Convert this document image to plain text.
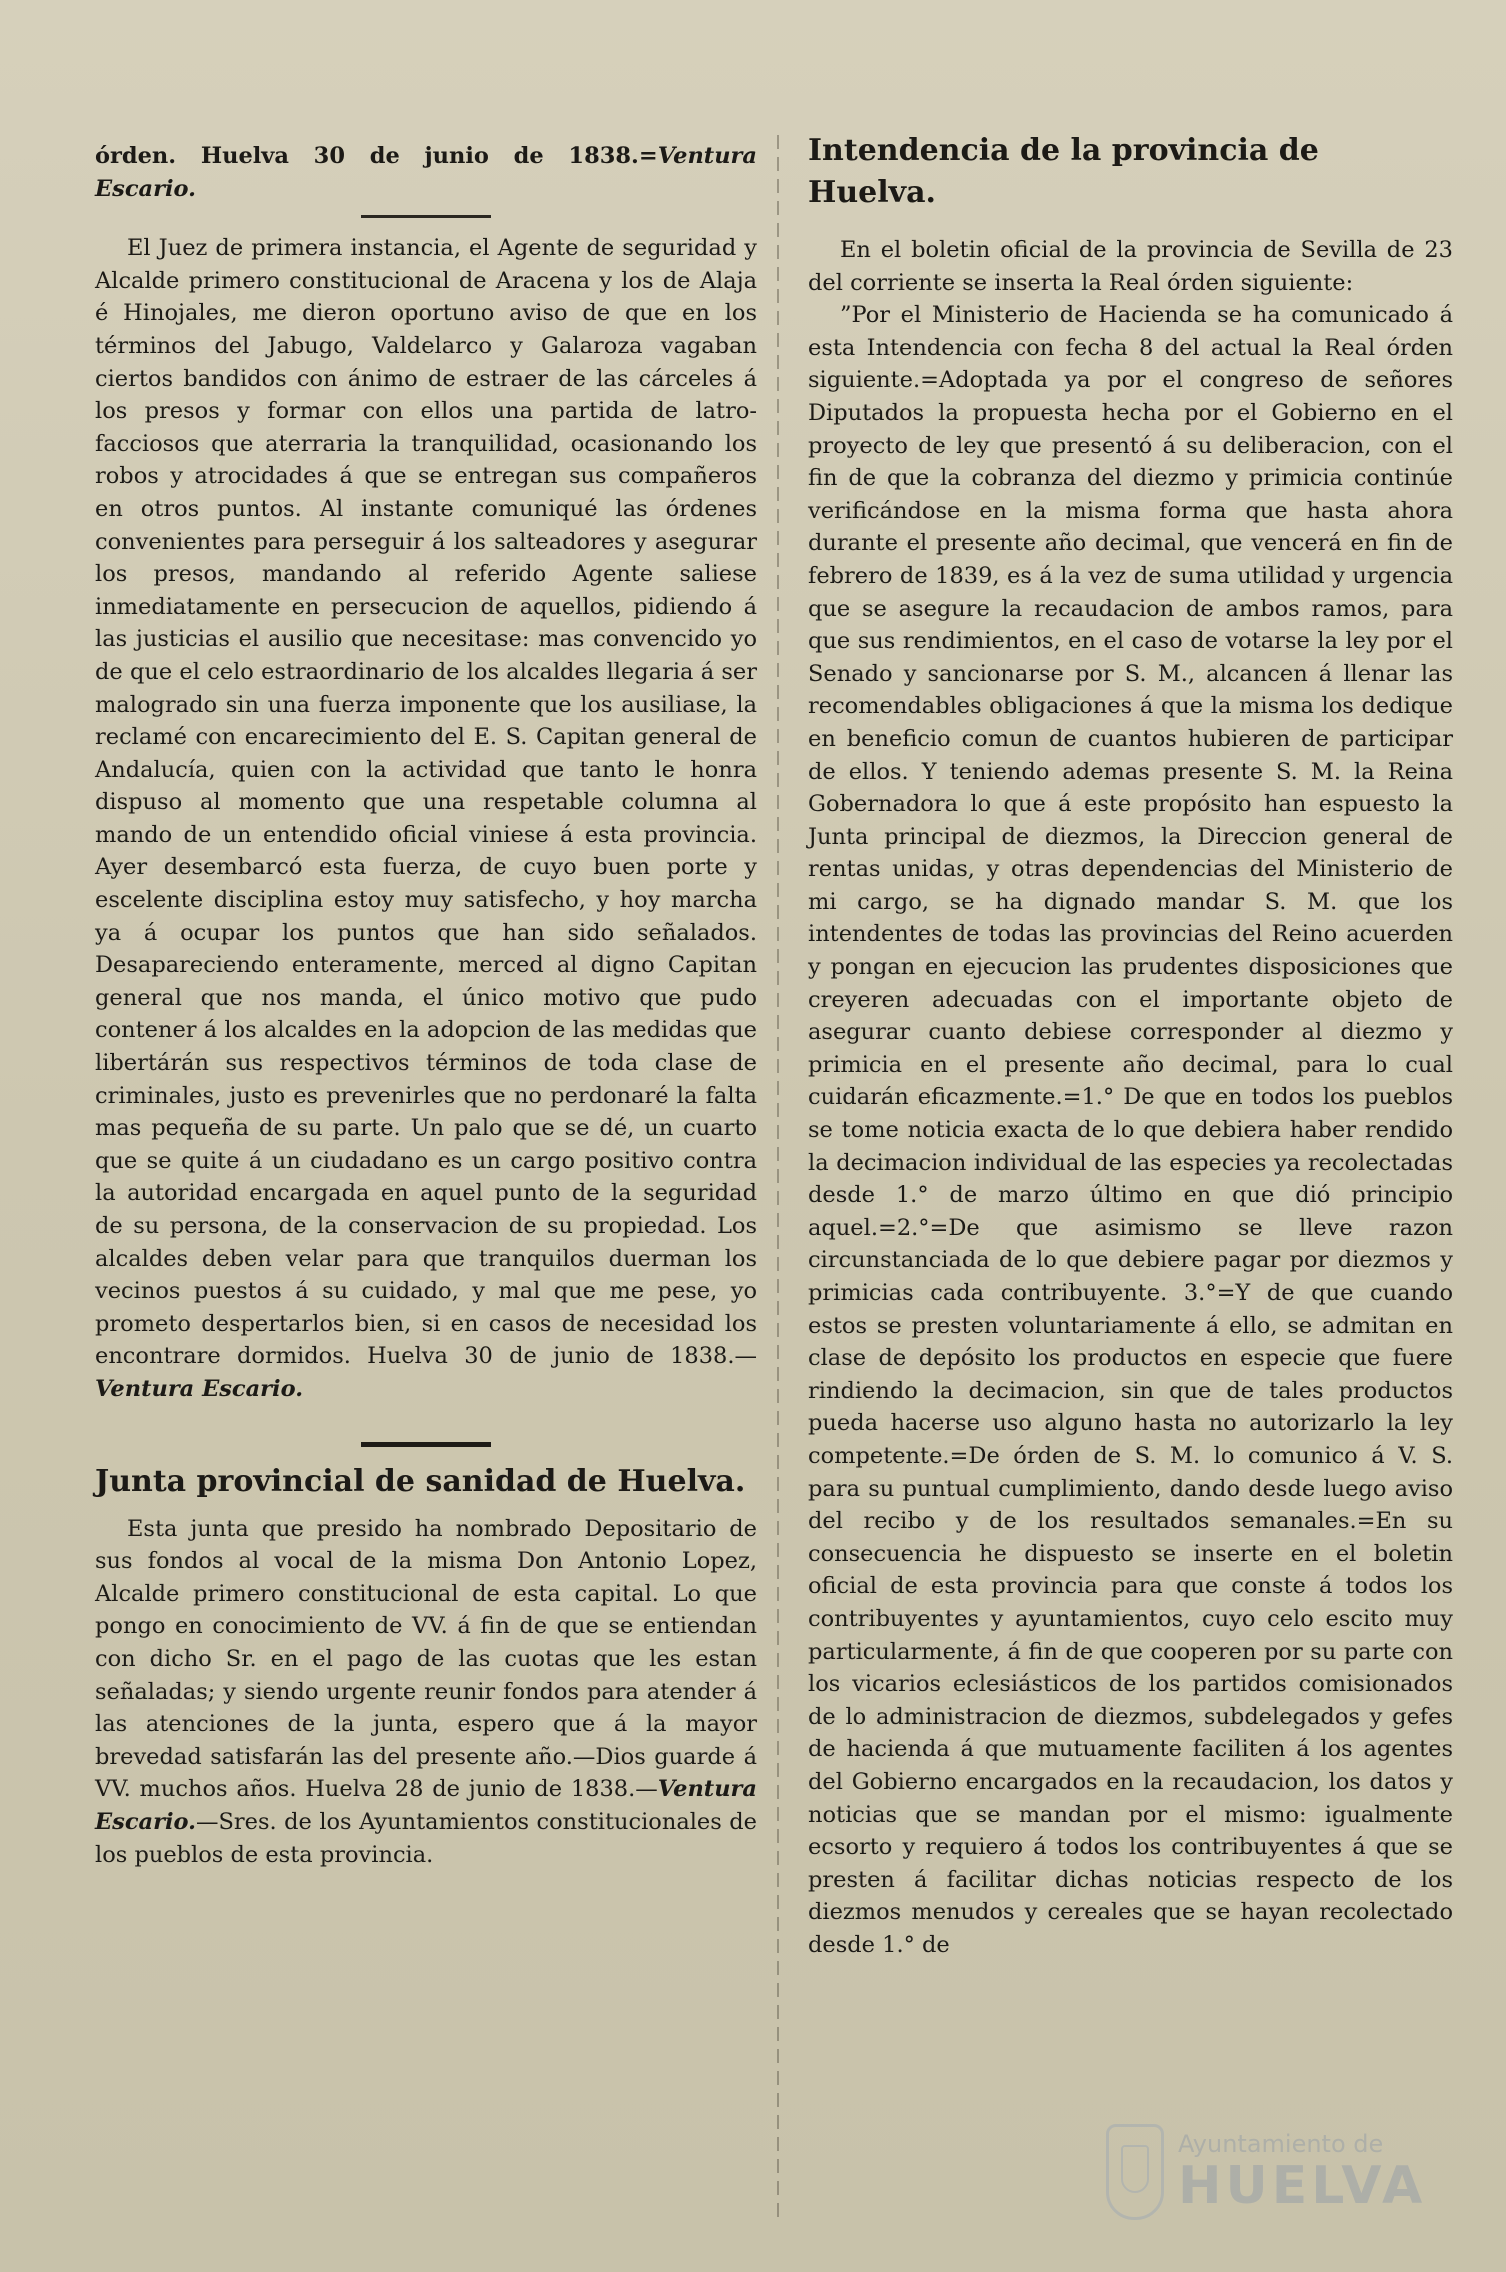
órden. Huelva 30 de junio de 1838.=Ventura Escario.

El Juez de primera instancia, el Agente de seguridad y Alcalde primero constitucional de Aracena y los de Alaja é Hinojales, me dieron oportuno aviso de que en los términos del Jabugo, Valdelarco y Galaroza vagaban ciertos bandidos con ánimo de estraer de las cárceles á los presos y formar con ellos una partida de latro-facciosos que aterraria la tranquilidad, ocasionando los robos y atrocidades á que se entregan sus compañeros en otros puntos. Al instante comuniqué las órdenes convenientes para perseguir á los salteadores y asegurar los presos, mandando al referido Agente saliese inmediatamente en persecucion de aquellos, pidiendo á las justicias el ausilio que necesitase: mas convencido yo de que el celo estraordinario de los alcaldes llegaria á ser malogrado sin una fuerza imponente que los ausiliase, la reclamé con encarecimiento del E. S. Capitan general de Andalucía, quien con la actividad que tanto le honra dispuso al momento que una respetable columna al mando de un entendido oficial viniese á esta provincia. Ayer desembarcó esta fuerza, de cuyo buen porte y escelente disciplina estoy muy satisfecho, y hoy marcha ya á ocupar los puntos que han sido señalados. Desapareciendo enteramente, merced al digno Capitan general que nos manda, el único motivo que pudo contener á los alcaldes en la adopcion de las medidas que libertárán sus respectivos términos de toda clase de criminales, justo es prevenirles que no perdonaré la falta mas pequeña de su parte. Un palo que se dé, un cuarto que se quite á un ciudadano es un cargo positivo contra la autoridad encargada en aquel punto de la seguridad de su persona, de la conservacion de su propiedad. Los alcaldes deben velar para que tranquilos duerman los vecinos puestos á su cuidado, y mal que me pese, yo prometo despertarlos bien, si en casos de necesidad los encontrare dormidos. Huelva 30 de junio de 1838.—Ventura Escario.

Junta provincial de sanidad de Huelva.

Esta junta que presido ha nombrado Depositario de sus fondos al vocal de la misma Don Antonio Lopez, Alcalde primero constitucional de esta capital. Lo que pongo en conocimiento de VV. á fin de que se entiendan con dicho Sr. en el pago de las cuotas que les estan señaladas; y siendo urgente reunir fondos para atender á las atenciones de la junta, espero que á la mayor brevedad satisfarán las del presente año.—Dios guarde á VV. muchos años. Huelva 28 de junio de 1838.—Ventura Escario.—Sres. de los Ayuntamientos constitucionales de los pueblos de esta provincia.

Intendencia de la provincia de Huelva.

En el boletin oficial de la provincia de Sevilla de 23 del corriente se inserta la Real órden siguiente:

”Por el Ministerio de Hacienda se ha comunicado á esta Intendencia con fecha 8 del actual la Real órden siguiente.=Adoptada ya por el congreso de señores Diputados la propuesta hecha por el Gobierno en el proyecto de ley que presentó á su deliberacion, con el fin de que la cobranza del diezmo y primicia continúe verificándose en la misma forma que hasta ahora durante el presente año decimal, que vencerá en fin de febrero de 1839, es á la vez de suma utilidad y urgencia que se asegure la recaudacion de ambos ramos, para que sus rendimientos, en el caso de votarse la ley por el Senado y sancionarse por S. M., alcancen á llenar las recomendables obligaciones á que la misma los dedique en beneficio comun de cuantos hubieren de participar de ellos. Y teniendo ademas presente S. M. la Reina Gobernadora lo que á este propósito han espuesto la Junta principal de diezmos, la Direccion general de rentas unidas, y otras dependencias del Ministerio de mi cargo, se ha dignado mandar S. M. que los intendentes de todas las provincias del Reino acuerden y pongan en ejecucion las prudentes disposiciones que creyeren adecuadas con el importante objeto de asegurar cuanto debiese corresponder al diezmo y primicia en el presente año decimal, para lo cual cuidarán eficazmente.=1.° De que en todos los pueblos se tome noticia exacta de lo que debiera haber rendido la decimacion individual de las especies ya recolectadas desde 1.° de marzo último en que dió principio aquel.=2.°=De que asimismo se lleve razon circunstanciada de lo que debiere pagar por diezmos y primicias cada contribuyente. 3.°=Y de que cuando estos se presten voluntariamente á ello, se admitan en clase de depósito los productos en especie que fuere rindiendo la decimacion, sin que de tales productos pueda hacerse uso alguno hasta no autorizarlo la ley competente.=De órden de S. M. lo comunico á V. S. para su puntual cumplimiento, dando desde luego aviso del recibo y de los resultados semanales.=En su consecuencia he dispuesto se inserte en el boletin oficial de esta provincia para que conste á todos los contribuyentes y ayuntamientos, cuyo celo escito muy particularmente, á fin de que cooperen por su parte con los vicarios eclesiásticos de los partidos comisionados de lo administracion de diezmos, subdelegados y gefes de hacienda á que mutuamente faciliten á los agentes del Gobierno encargados en la recaudacion, los datos y noticias que se mandan por el mismo: igualmente ecsorto y requiero á todos los contribuyentes á que se presten á facilitar dichas noticias respecto de los diezmos menudos y cereales que se hayan recolectado desde 1.° de

Ayuntamiento de
HUELVA
